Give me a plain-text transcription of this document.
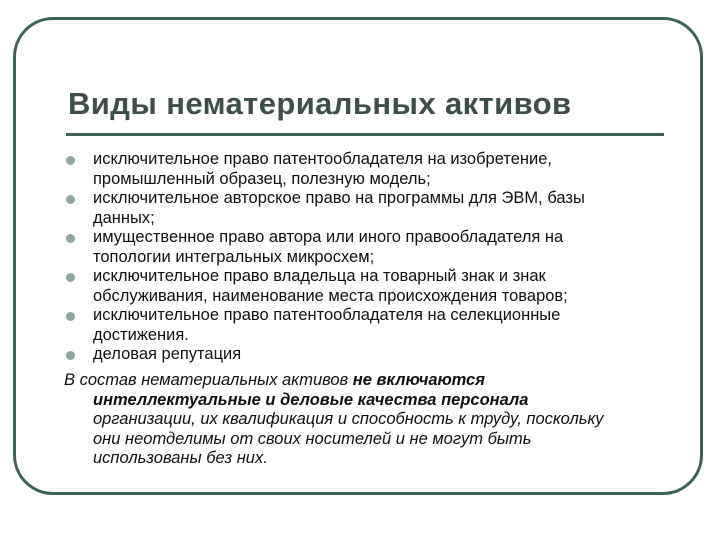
Виды нематериальных активов
исключительное право патентообладателя на изобретение,
промышленный образец, полезную модель;
исключительное авторское право на программы для ЭВМ, базы
данных;
имущественное право автора или иного правообладателя на
топологии интегральных микросхем;
исключительное право владельца на товарный знак и знак
обслуживания, наименование места происхождения товаров;
исключительное право патентообладателя на селекционные
достижения.
деловая репутация
В состав нематериальных активов не включаются
интеллектуальные и деловые качества персонала
организации, их квалификация и способность к труду, поскольку
они неотделимы от своих носителей и не могут быть
использованы без них.
